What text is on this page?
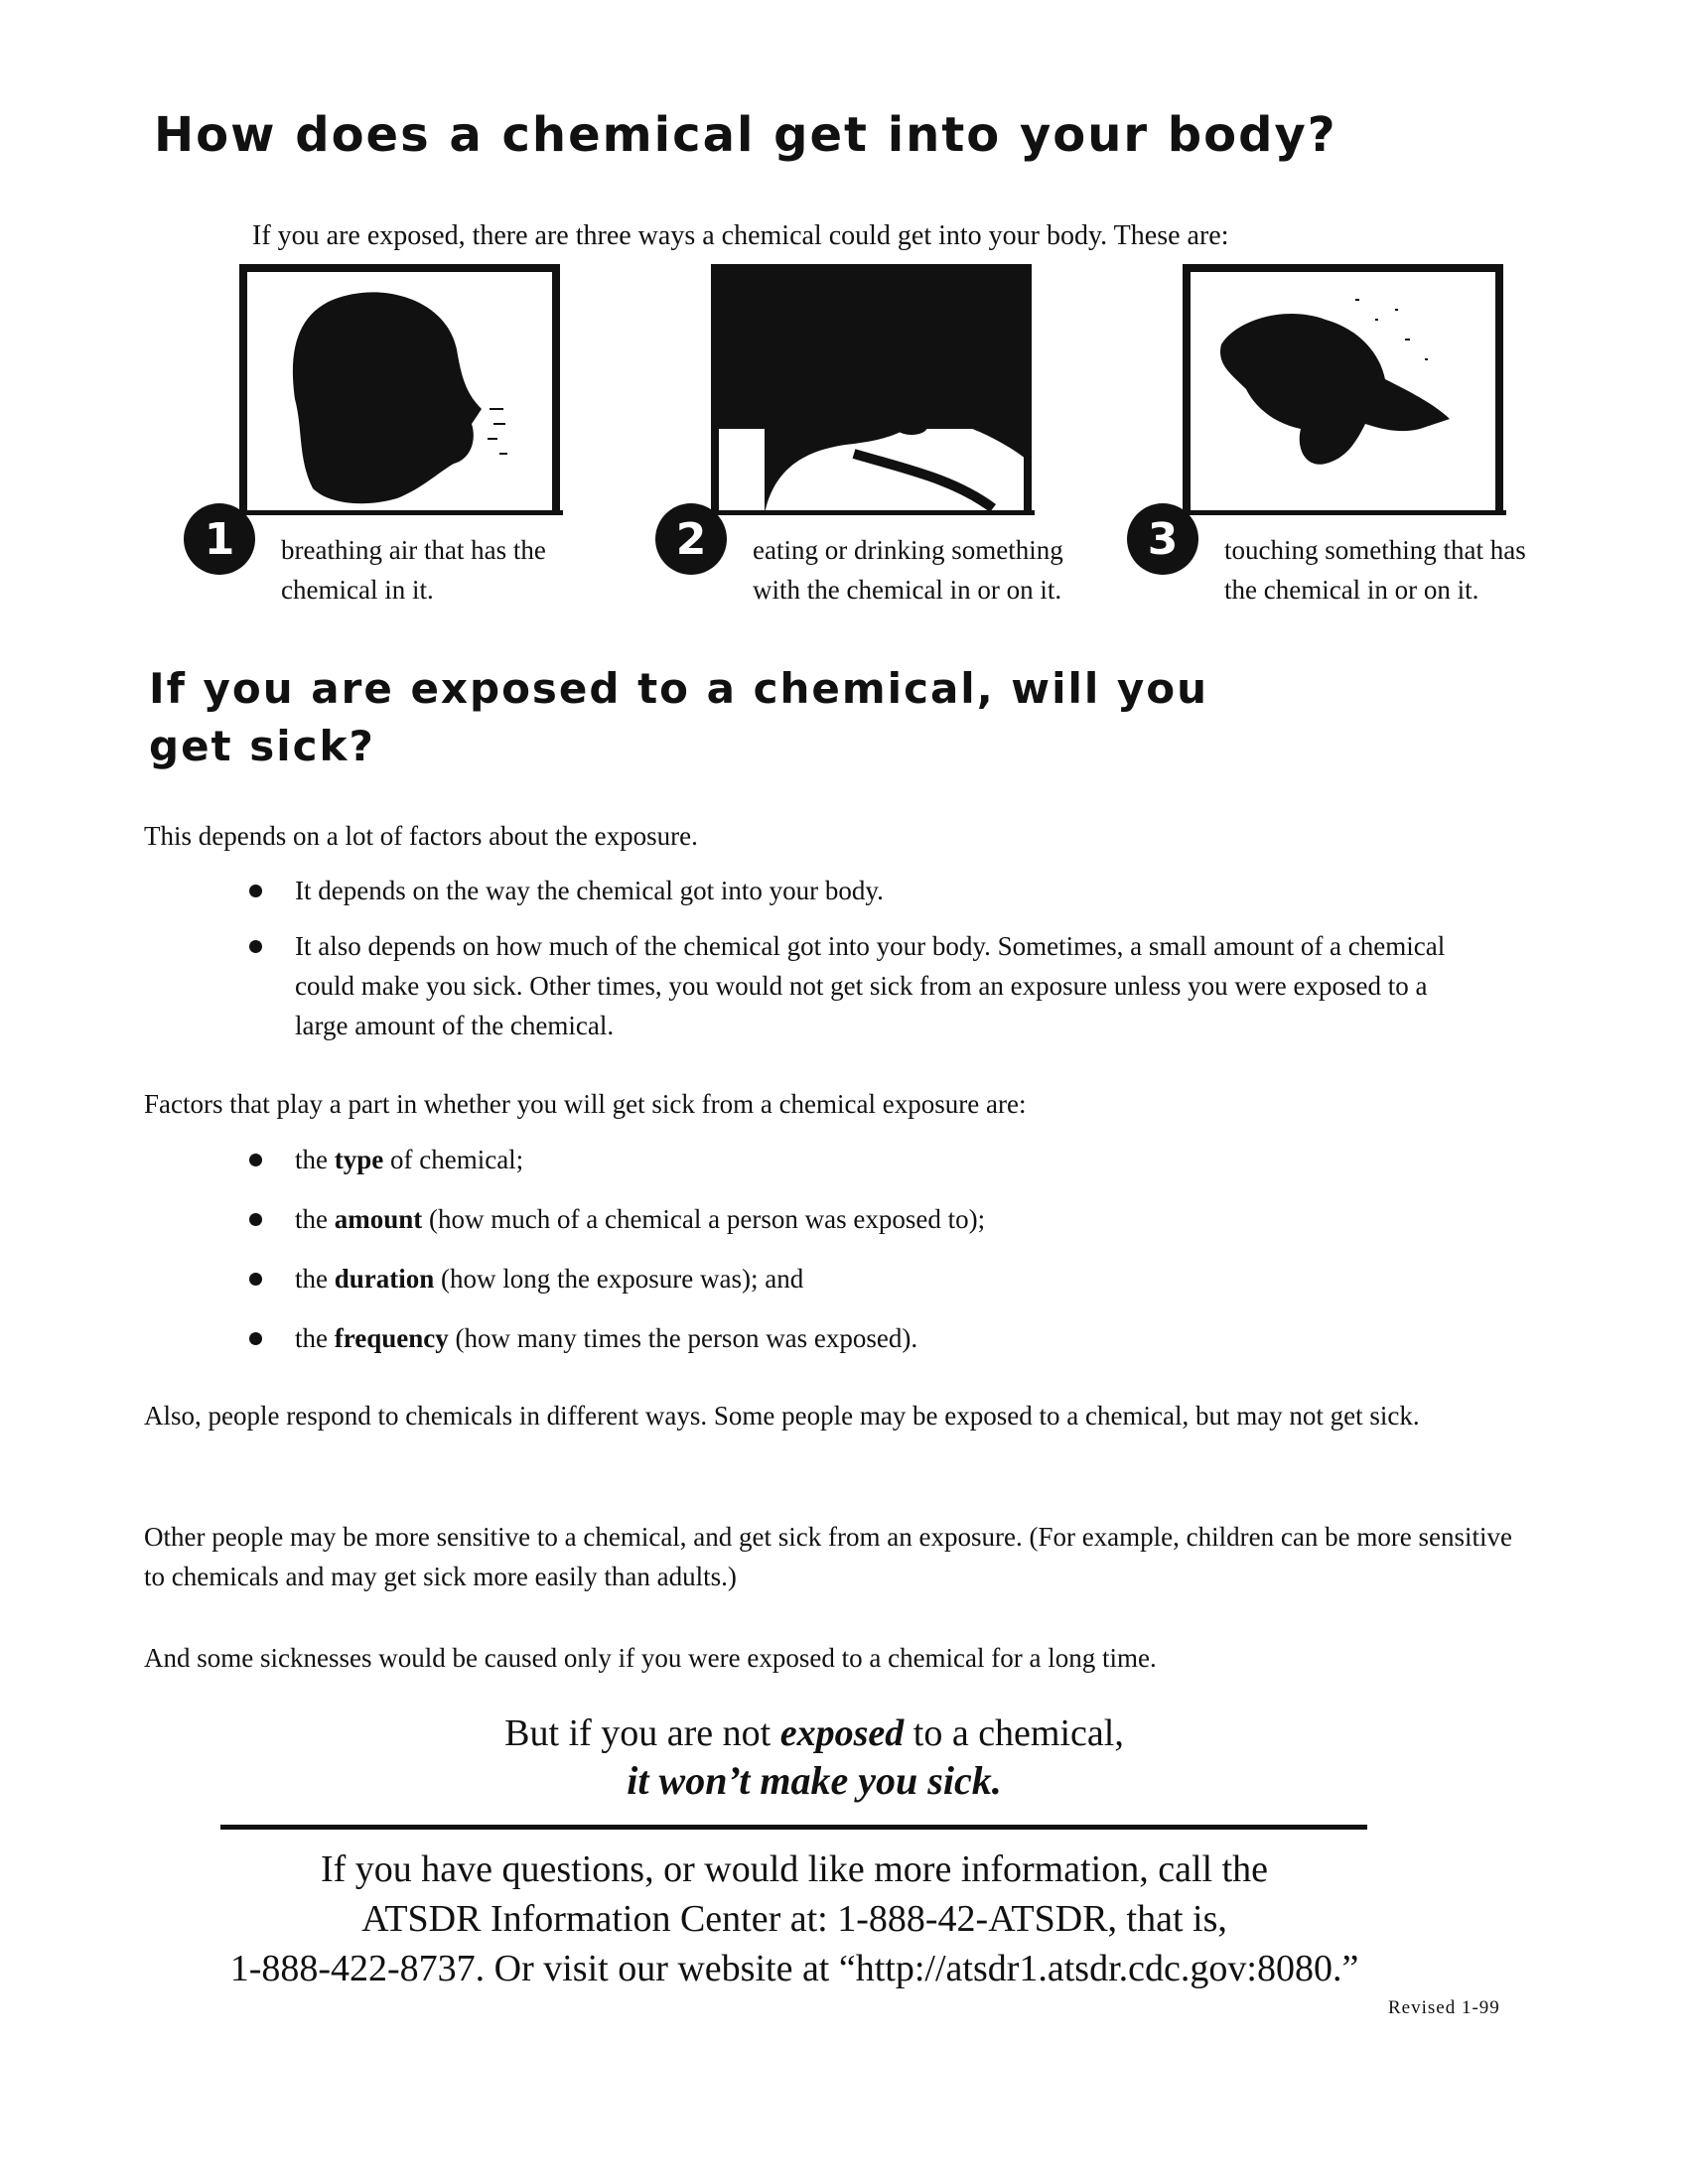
How does a chemical get into your body?
If you are exposed, there are three ways a chemical could get into your body. These are:
1	breathing air that has the chemical in it.
2	eating or drinking something with the chemical in or on it.
3	touching something that has the chemical in or on it.
If you are exposed to a chemical, will you get sick?
This depends on a lot of factors about the exposure.
It depends on the way the chemical got into your body.
It also depends on how much of the chemical got into your body. Sometimes, a small amount of a chemical could make you sick. Other times, you would not get sick from an exposure unless you were exposed to a large amount of the chemical.
Factors that play a part in whether you will get sick from a chemical exposure are:
the type of chemical;
the amount (how much of a chemical a person was exposed to);
the duration (how long the exposure was); and
the frequency (how many times the person was exposed).
Also, people respond to chemicals in different ways. Some people may be exposed to a chemical, but may not get sick.
Other people may be more sensitive to a chemical, and get sick from an exposure. (For example, children can be more sensitive to chemicals and may get sick more easily than adults.)
And some sicknesses would be caused only if you were exposed to a chemical for a long time.
But if you are not exposed to a chemical,
it won’t make you sick.
If you have questions, or would like more information, call the
ATSDR Information Center at: 1-888-42-ATSDR, that is,
1-888-422-8737. Or visit our website at “http://atsdr1.atsdr.cdc.gov:8080.”
Revised 1-99
